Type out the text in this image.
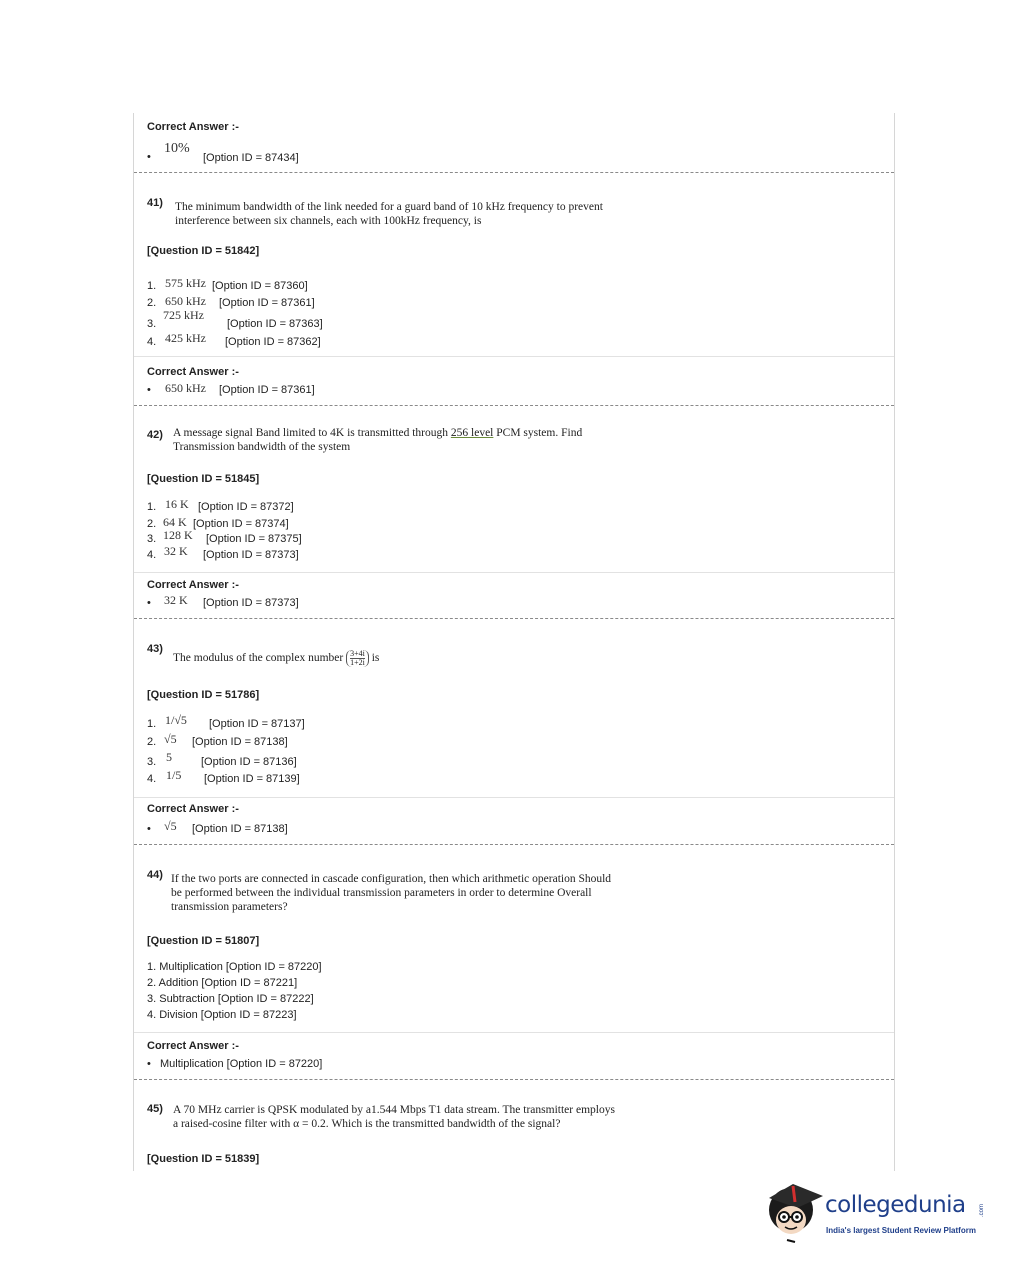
Correct Answer :-
•
10%
[Option ID = 87434]
41) The minimum bandwidth of the link needed for a guard band of 10 kHz frequency to prevent
interference between six channels, each with 100kHz frequency, is
[Question ID = 51842]
1. 575 kHz [Option ID = 87360]
2. 650 kHz [Option ID = 87361]
3.
725 kHz
[Option ID = 87363]
4. 425 kHz [Option ID = 87362]
Correct Answer :-
• 650 kHz [Option ID = 87361]
42) A message signal Band limited to 4K is transmitted through 256 level PCM system. Find
Transmission bandwidth of the system
[Question ID = 51845]
1. 16 K [Option ID = 87372]
2. 64 K [Option ID = 87374]
3. 128 K [Option ID = 87375]
4. 32 K [Option ID = 87373]
Correct Answer :-
• 32 K [Option ID = 87373]
43)
The modulus of the complex number $\frac{3+4i}{1+2i}$ is
[Question ID = 51786]
1. 1/√5 [Option ID = 87137]
2. √5 [Option ID = 87138]
3. 5	[Option ID = 87136]
4. 1/5 [Option ID = 87139]
Correct Answer :-
• √5 [Option ID = 87138]
44) If the two ports are connected in cascade configuration, then which arithmetic operation Should
be performed between the individual transmission parameters in order to determine Overall
transmission parameters?
[Question ID = 51807]
1. Multiplication [Option ID = 87220]
2. Addition [Option ID = 87221]
3. Subtraction [Option ID = 87222]
4. Division [Option ID = 87223]
Correct Answer :-
• Multiplication [Option ID = 87220]
45) A 70 MHz carrier is QPSK modulated by a1.544 Mbps T1 data stream. The transmitter employs
a raised-cosine filter with α = 0.2. Which is the transmitted bandwidth of the signal?
[Question ID = 51839]
collegedunia .com
India's largest Student Review Platform
